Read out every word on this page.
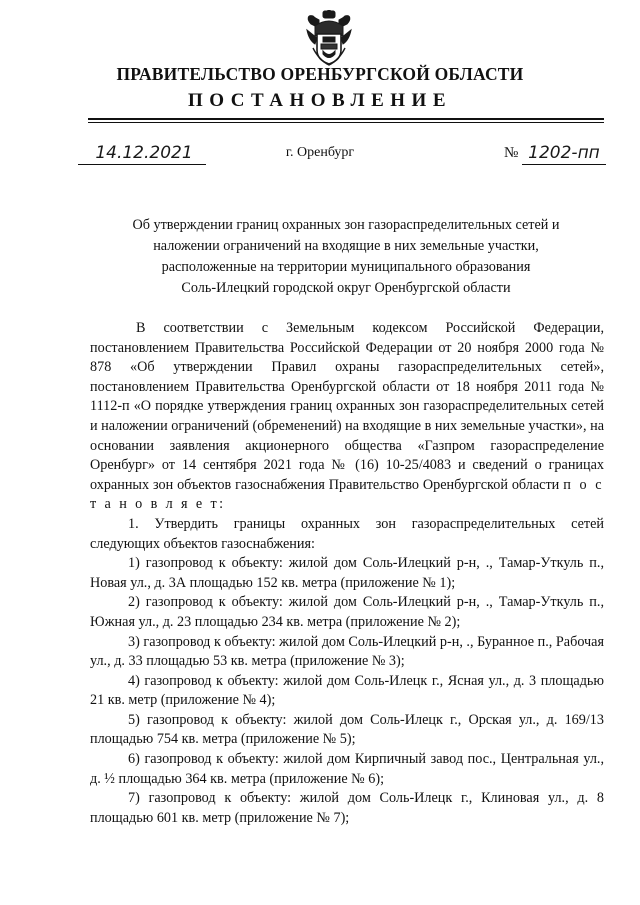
ПРАВИТЕЛЬСТВО ОРЕНБУРГСКОЙ ОБЛАСТИ
ПОСТАНОВЛЕНИЕ
14.12.2021	г. Оренбург	№ 1202-пп
Об утверждении границ охранных зон газораспределительных сетей и
наложении ограничений на входящие в них земельные участки,
расположенные на территории муниципального образования
Соль-Илецкий городской округ Оренбургской области

В соответствии с Земельным кодексом Российской Федерации, постановлением Правительства Российской Федерации от 20 ноября 2000 года № 878 «Об утверждении Правил охраны газораспределительных сетей», постановлением Правительства Оренбургской области от 18 ноября 2011 года № 1112-п «О порядке утверждения границ охранных зон газораспределительных сетей и наложении ограничений (обременений) на входящие в них земельные участки», на основании заявления акционерного общества «Газпром газораспределение Оренбург» от 14 сентября 2021 года № (16) 10-25/4083 и сведений о границах охранных зон объектов газоснабжения Правительство Оренбургской области п о с т а н о в л я е т:

1. Утвердить границы охранных зон газораспределительных сетей следующих объектов газоснабжения:

1) газопровод к объекту: жилой дом Соль-Илецкий р-н, ., Тамар-Уткуль п., Новая ул., д. 3А площадью 152 кв. метра (приложение № 1);

2) газопровод к объекту: жилой дом Соль-Илецкий р-н, ., Тамар-Уткуль п., Южная ул., д. 23 площадью 234 кв. метра (приложение № 2);

3) газопровод к объекту: жилой дом Соль-Илецкий р-н, ., Буранное п., Рабочая ул., д. 33 площадью 53 кв. метра (приложение № 3);

4) газопровод к объекту: жилой дом Соль-Илецк г., Ясная ул., д. 3 площадью 21 кв. метр (приложение № 4);

5) газопровод к объекту: жилой дом Соль-Илецк г., Орская ул., д. 169/13 площадью 754 кв. метра (приложение № 5);

6) газопровод к объекту: жилой дом Кирпичный завод пос., Центральная ул., д. ½ площадью 364 кв. метра (приложение № 6);

7) газопровод к объекту: жилой дом Соль-Илецк г., Клиновая ул., д. 8 площадью 601 кв. метр (приложение № 7);
